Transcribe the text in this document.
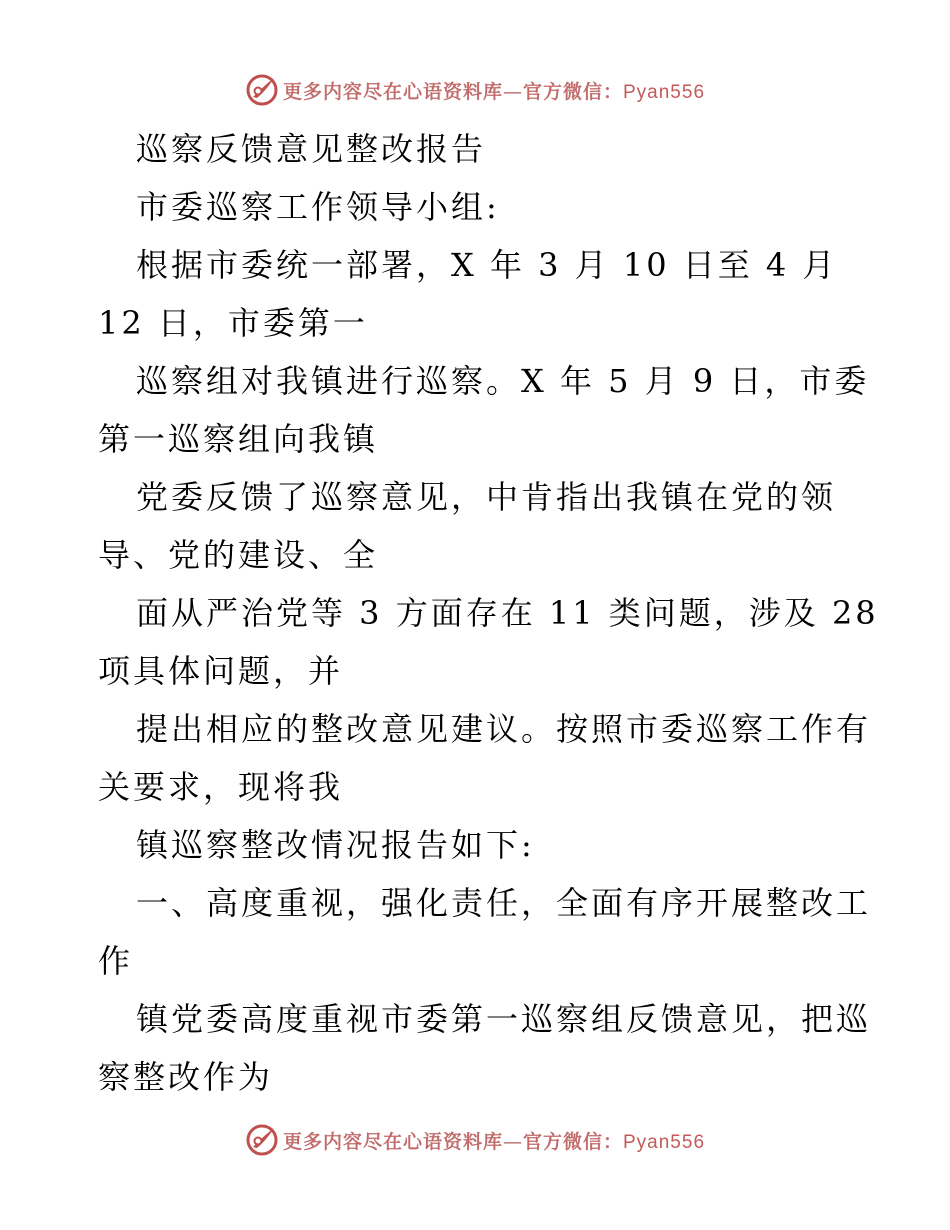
更多内容尽在心语资料库—官方微信：Pyan556
巡察反馈意见整改报告
市委巡察工作领导小组:
根据市委统一部署，X 年 3 月 10 日至 4 月
12 日，市委第一
巡察组对我镇进行巡察。X 年 5 月 9 日，市委
第一巡察组向我镇
党委反馈了巡察意见，中肯指出我镇在党的领
导、党的建设、全
面从严治党等 3 方面存在 11 类问题，涉及 28
项具体问题，并
提出相应的整改意见建议。按照市委巡察工作有
关要求，现将我
镇巡察整改情况报告如下:
一、高度重视，强化责任，全面有序开展整改工
作
镇党委高度重视市委第一巡察组反馈意见，把巡
察整改作为
更多内容尽在心语资料库—官方微信：Pyan556
